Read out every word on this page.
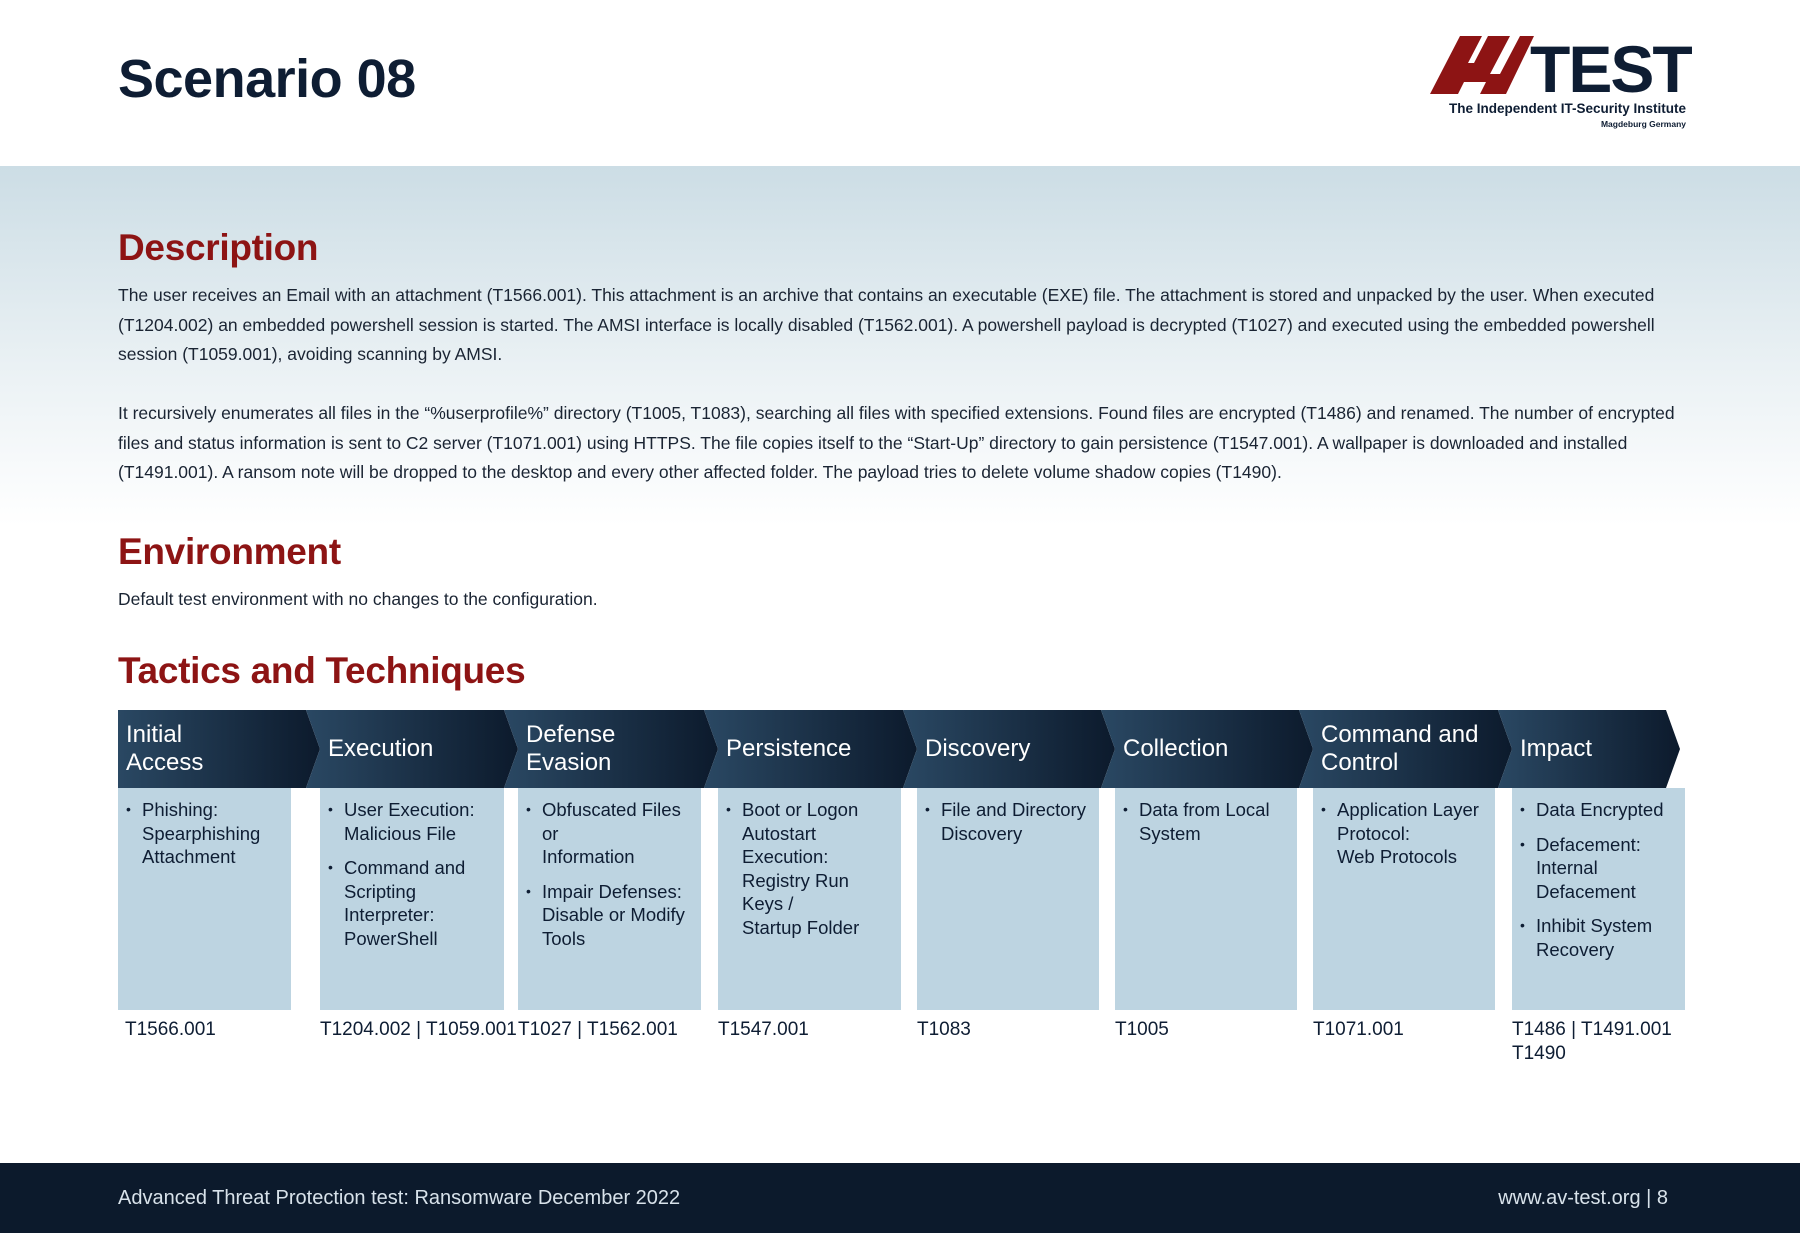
Scenario 08	TEST
The Independent IT-Security Institute
Magdeburg Germany
Description

The user receives an Email with an attachment (T1566.001). This attachment is an archive that contains an executable (EXE) file. The attachment is stored and unpacked by the user. When executed (T1204.002) an embedded powershell session is started. The AMSI interface is locally disabled (T1562.001). A powershell payload is decrypted (T1027) and executed using the embedded powershell session (T1059.001), avoiding scanning by AMSI.

It recursively enumerates all files in the “%userprofile%” directory (T1005, T1083), searching all files with specified extensions. Found files are encrypted (T1486) and renamed. The number of encrypted files and status information is sent to C2 server (T1071.001) using HTTPS. The file copies itself to the “Start-Up” directory to gain persistence (T1547.001). A wallpaper is downloaded and installed (T1491.001). A ransom note will be dropped to the desktop and every other affected folder. The payload tries to delete volume shadow copies (T1490).

Environment

Default test environment with no changes to the configuration.

Tactics and Techniques
Initial
Access
• Phishing:
Spearphishing
Attachment
T1566.001
Execution
• User Execution:
Malicious File
• Command and
Scripting
Interpreter:
PowerShell
T1204.002 | T1059.001
Defense
Evasion
• Obfuscated Files or
Information
• Impair Defenses:
Disable or Modify
Tools
T1027 | T1562.001
Persistence
• Boot or Logon
Autostart Execution:
Registry Run Keys /
Startup Folder
T1547.001
Discovery
• File and Directory
Discovery
T1083
Collection
• Data from Local
System
T1005
Command and
Control
• Application Layer
Protocol:
Web Protocols
T1071.001
Impact
• Data Encrypted
• Defacement:
Internal
Defacement
• Inhibit System
Recovery
T1486 | T1491.001
T1490
Advanced Threat Protection test: Ransomware December 2022	www.av-test.org | 8
